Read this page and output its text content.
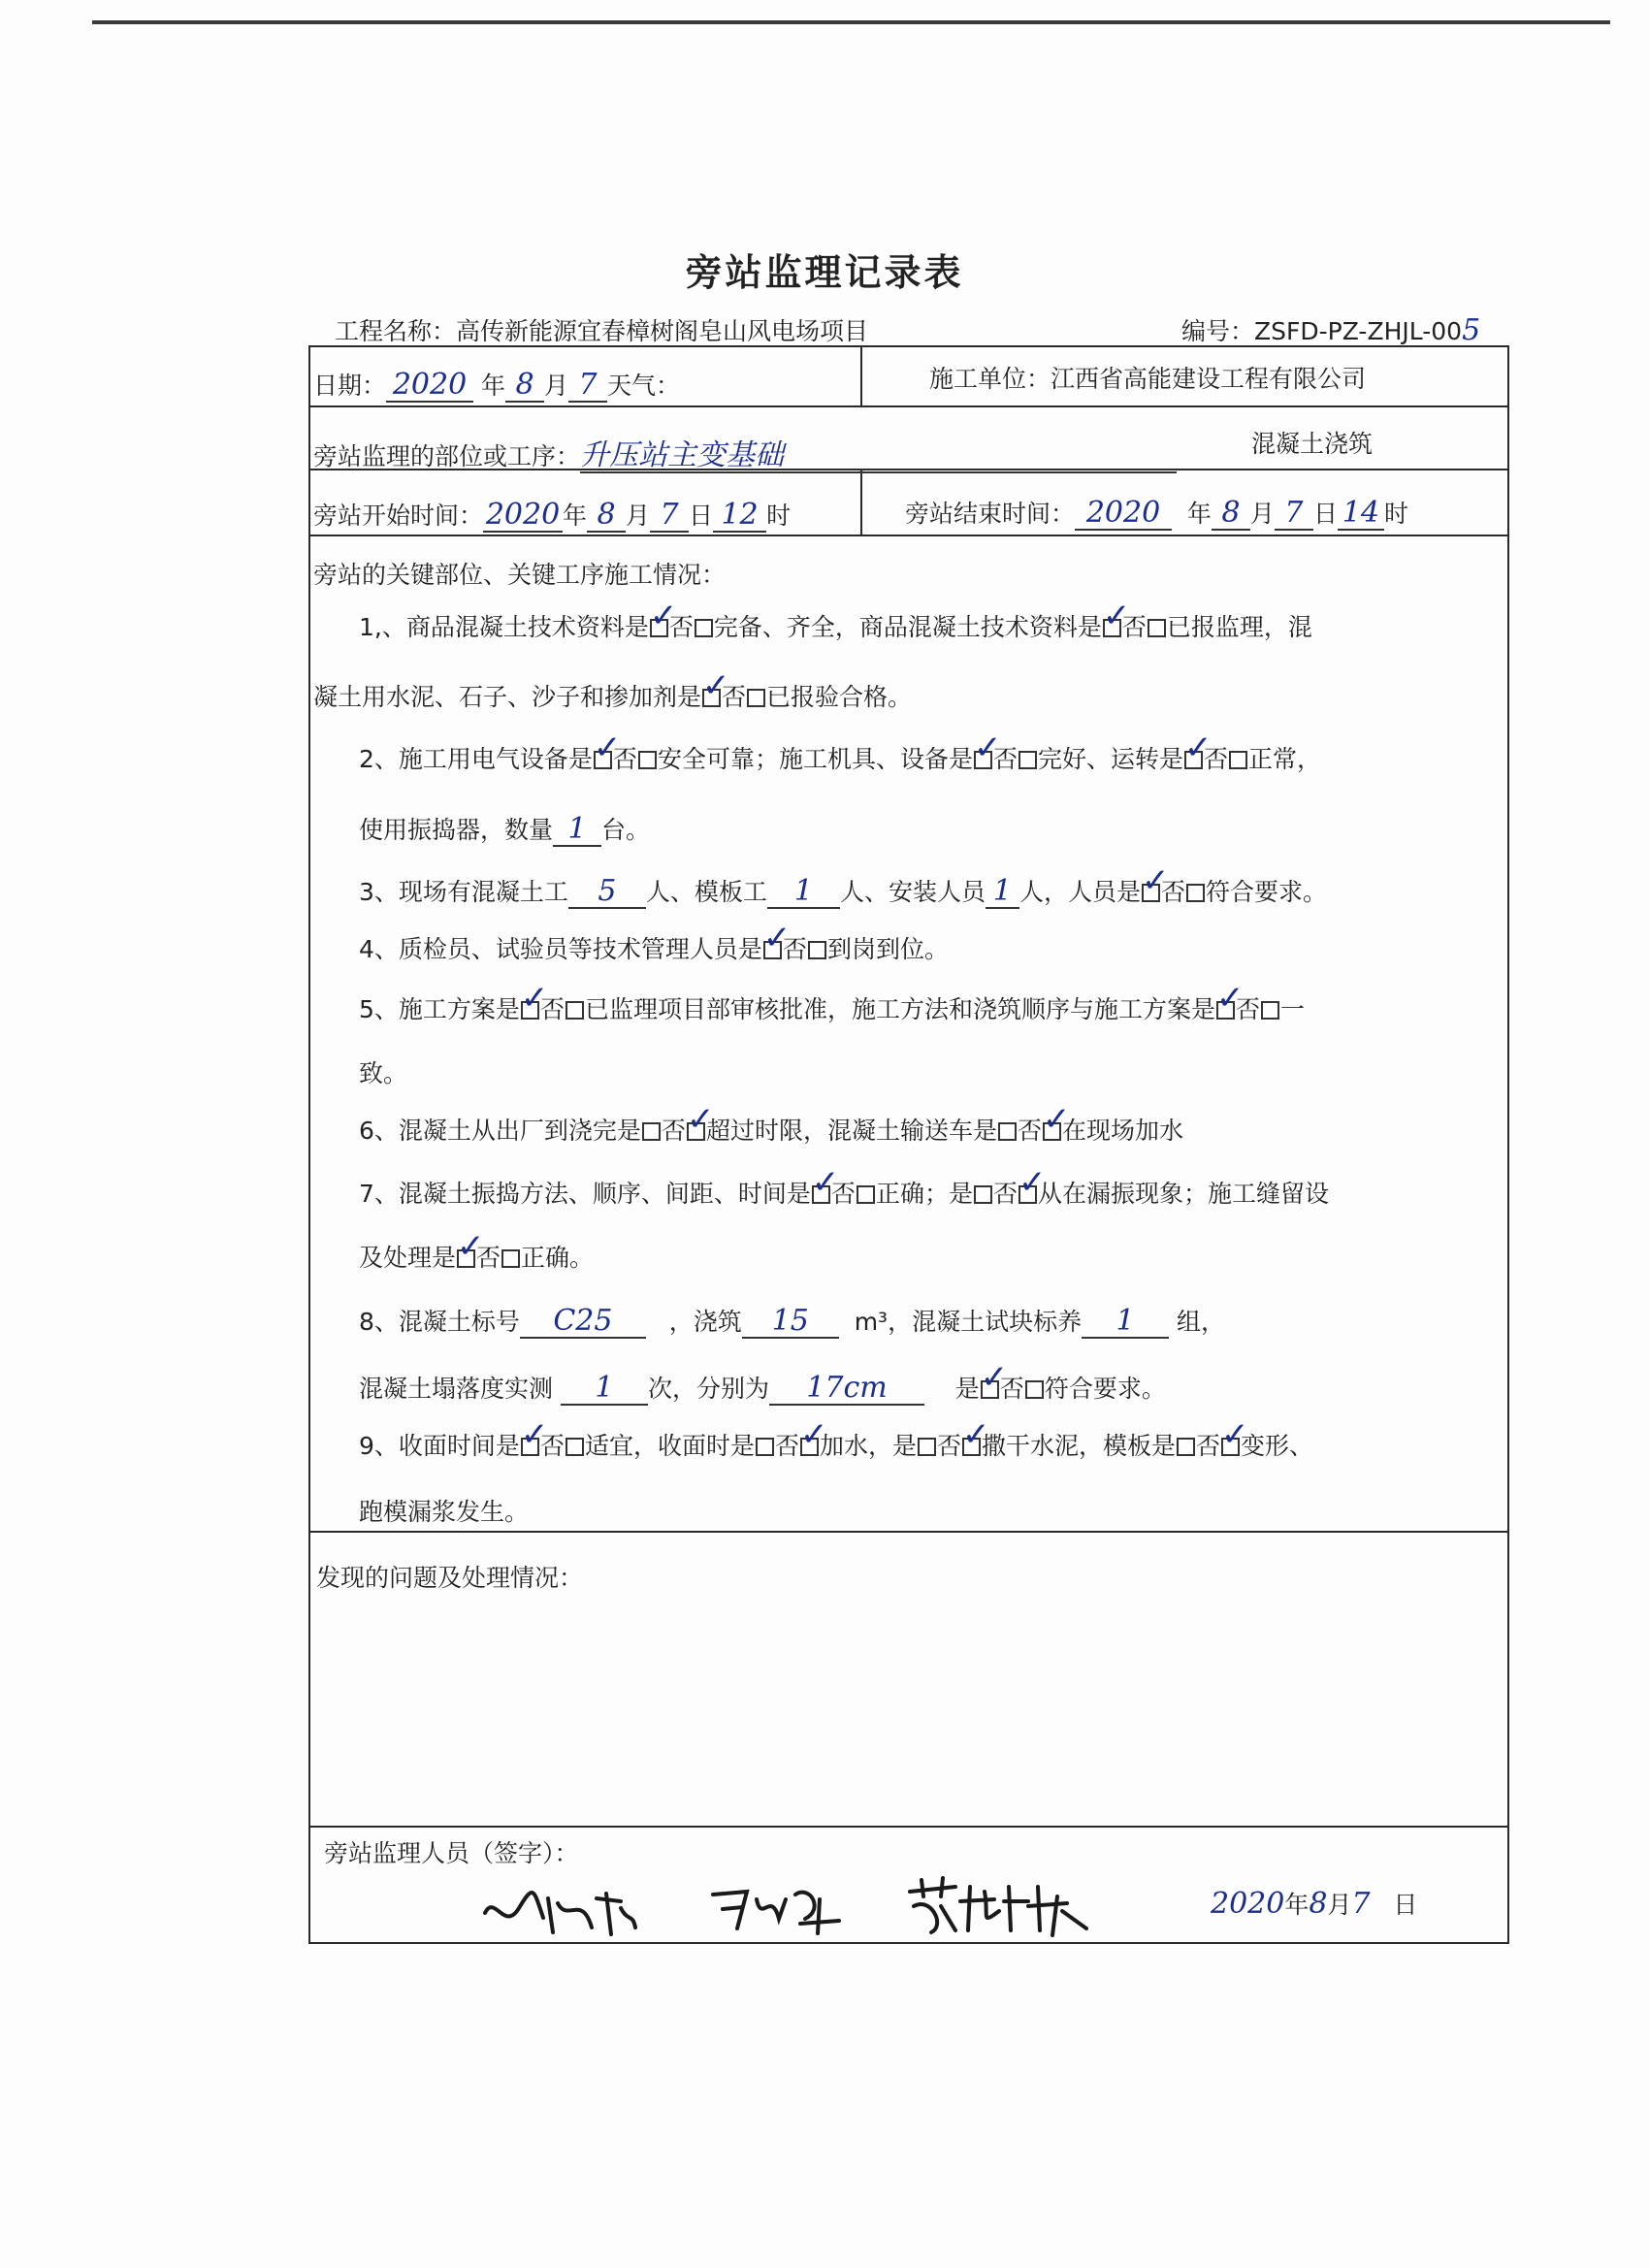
旁站监理记录表
工程名称：高传新能源宜春樟树阁皂山风电场项目	编号：ZSFD-PZ-ZHJL-005
日期： 2020 年 8 月 7 天气：	施工单位：江西省高能建设工程有限公司
旁站监理的部位或工序：升压站主变基础	混凝土浇筑
旁站开始时间：2020 年 8 月 7 日 12 时	旁站结束时间： 2020 年 8 月 7 日 14 时
旁站的关键部位、关键工序施工情况：
1,、商品混凝土技术资料是 ✓
否 完备、齐全，商品混凝土技术资料是 ✓
否 已报监理，混
凝土用水泥、石子、沙子和掺加剂是 ✓
否 已报验合格。
2、施工用电气设备是 ✓
否 安全可靠；施工机具、设备是 ✓
否 完好、运转是 ✓
否 正常，
使用振捣器，数量 1 台。
3、现场有混凝土工 5 人、模板工 1 人、安装人员 1 人，人员是 ✓
否 符合要求。
4、质检员、试验员等技术管理人员是 ✓
否 到岗到位。
5、施工方案是 ✓
否 已监理项目部审核批准，施工方法和浇筑顺序与施工方案是 ✓
否 一
致。
6、混凝土从出厂到浇完是 否 ✓
超过时限，混凝土输送车是 否 ✓
在现场加水
7、混凝土振捣方法、顺序、间距、时间是 ✓
否 正确；是 否 ✓
从在漏振现象；施工缝留设
及处理是 ✓
否 正确。
8、混凝土标号 C25 ，浇筑 15 m³，混凝土试块标养 1 组，
混凝土塌落度实测 1 次，分别为 17cm	是 ✓
否 符合要求。
9、收面时间是 ✓
否 适宜，收面时是 否 ✓
加水，是 否 ✓
撒干水泥，模板是 否 ✓
变形、
跑模漏浆发生。
发现的问题及处理情况：
旁站监理人员（签字）：
2020年8月7 日
